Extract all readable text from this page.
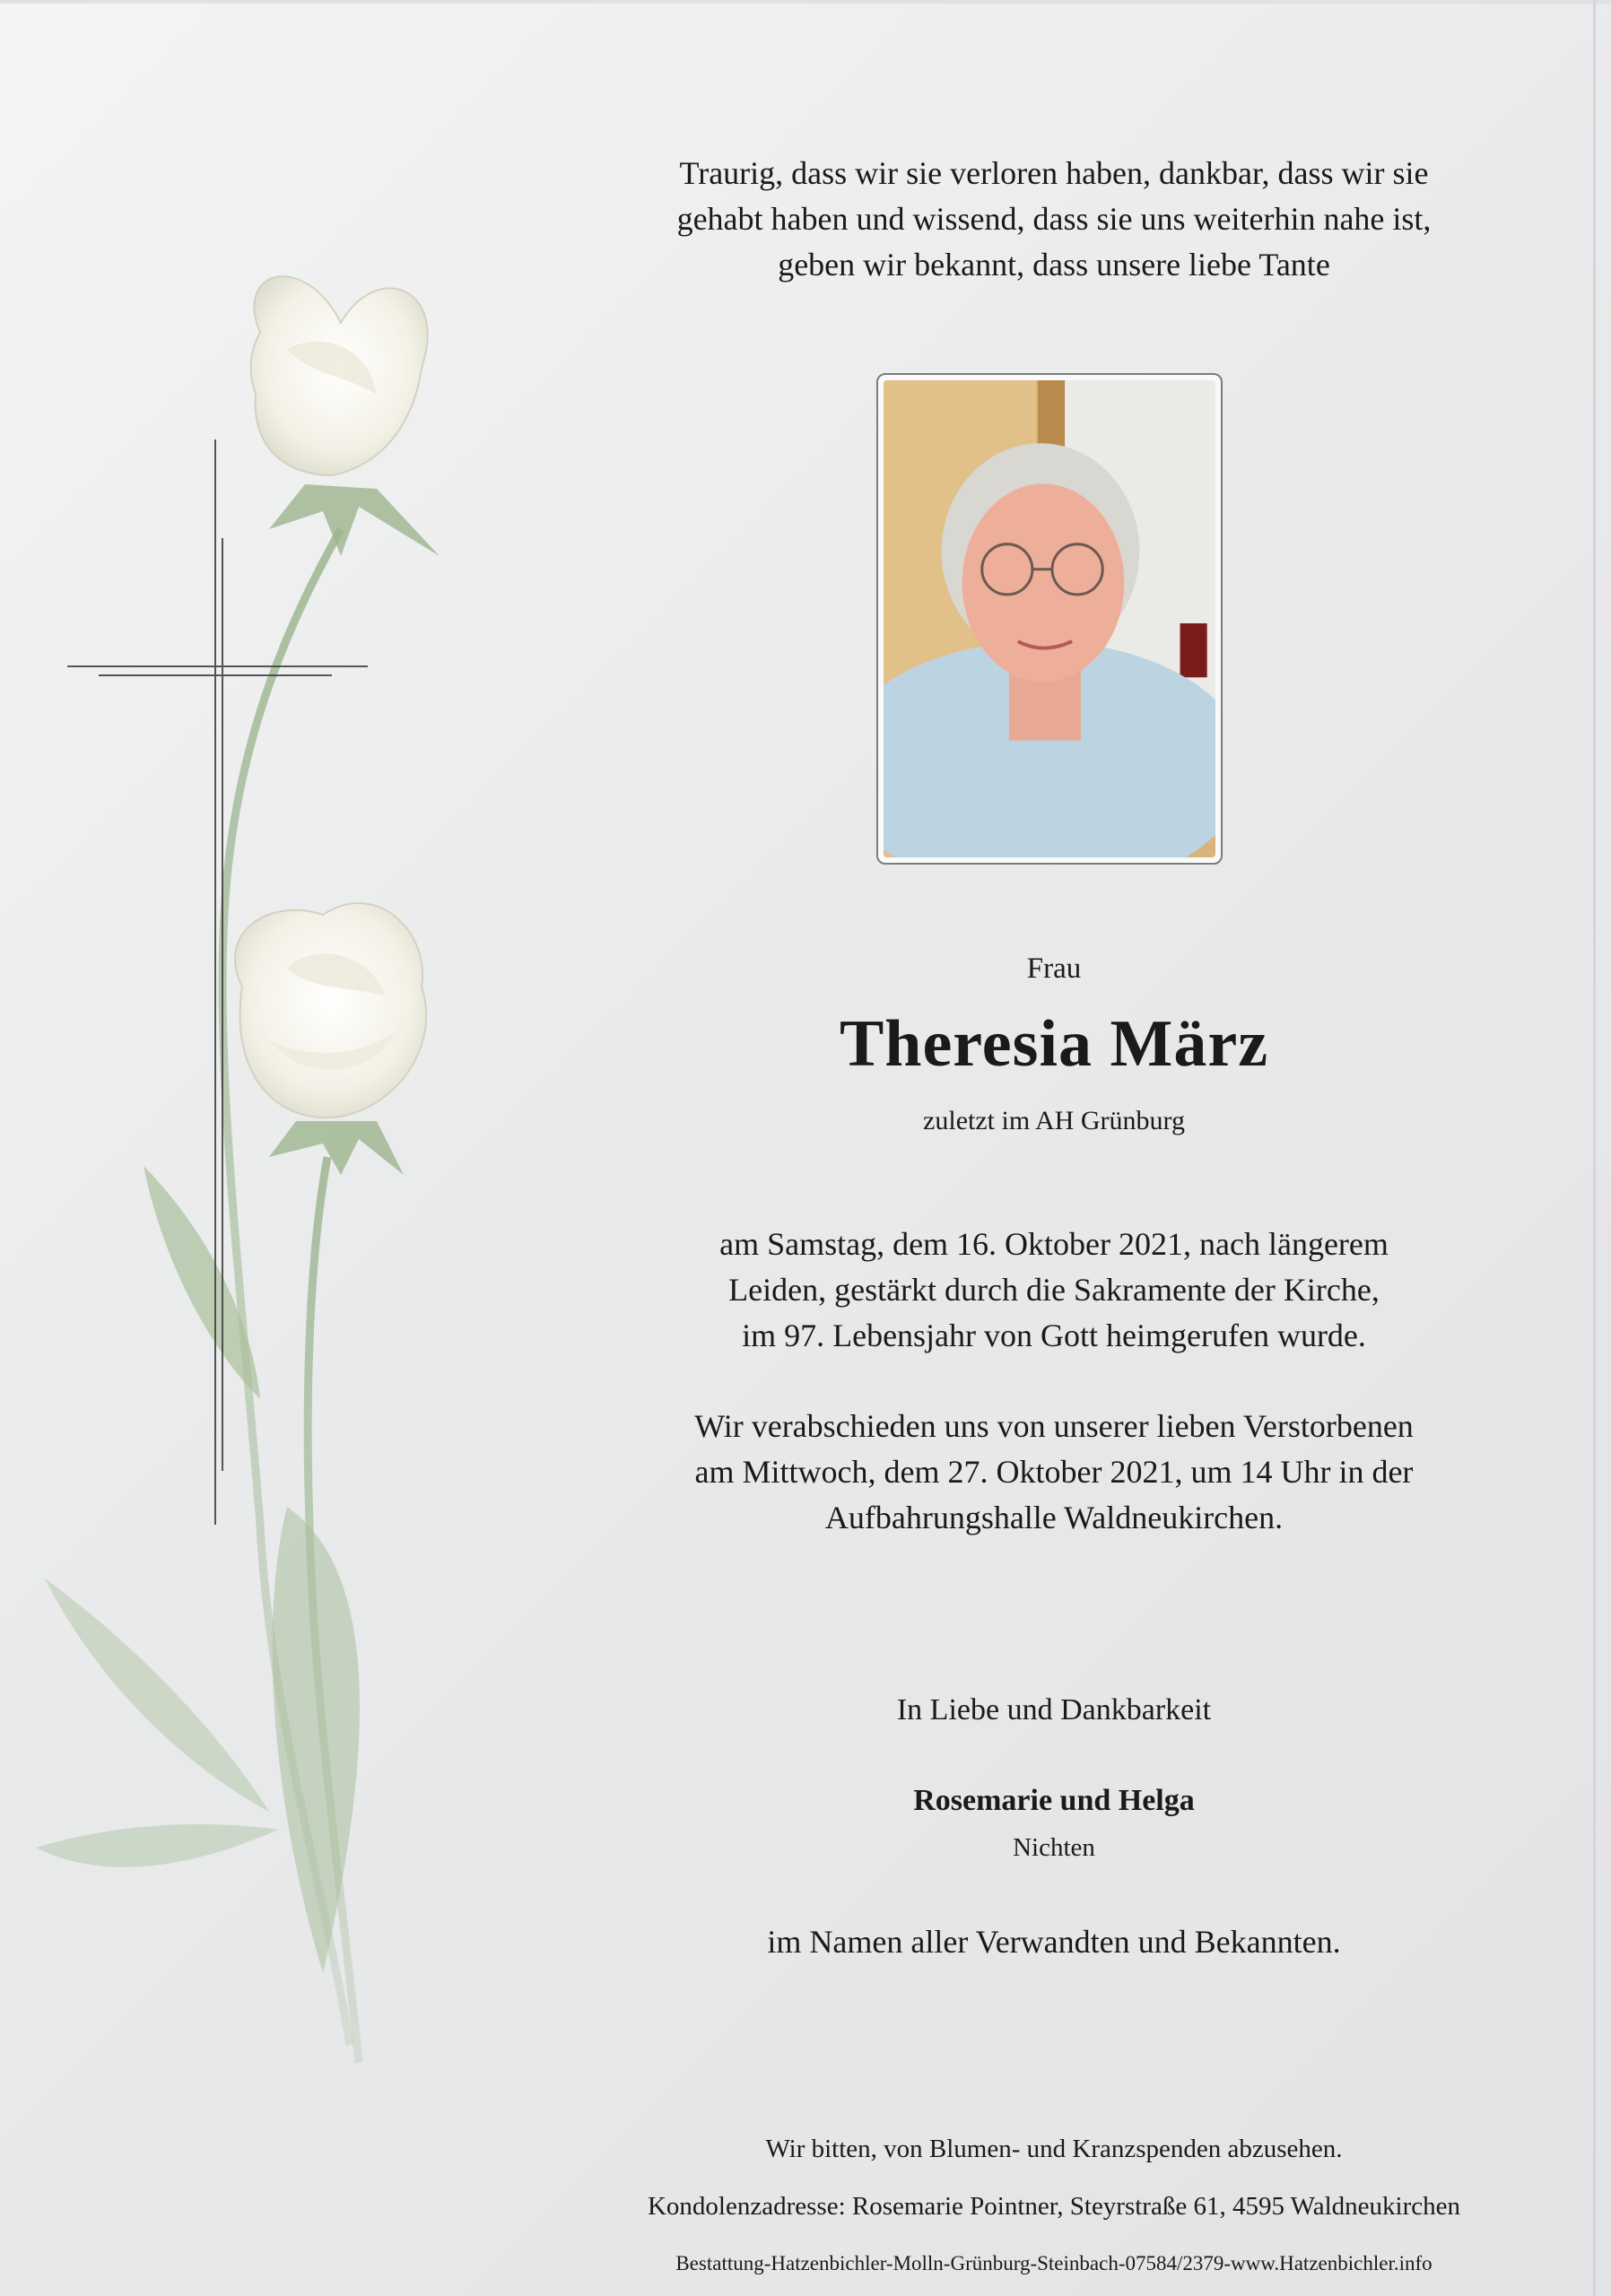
Traurig, dass wir sie verloren haben, dankbar, dass wir sie
gehabt haben und wissend, dass sie uns weiterhin nahe ist,
geben wir bekannt, dass unsere liebe Tante
Frau
Theresia März
zuletzt im AH Grünburg
am Samstag, dem 16. Oktober 2021, nach längerem
Leiden, gestärkt durch die Sakramente der Kirche,
im 97. Lebensjahr von Gott heimgerufen wurde.
Wir verabschieden uns von unserer lieben Verstorbenen
am Mittwoch, dem 27. Oktober 2021, um 14 Uhr in der
Aufbahrungshalle Waldneukirchen.
In Liebe und Dankbarkeit
Rosemarie und Helga
Nichten
im Namen aller Verwandten und Bekannten.
Wir bitten, von Blumen- und Kranzspenden abzusehen.
Kondolenzadresse: Rosemarie Pointner, Steyrstraße 61, 4595 Waldneukirchen
Bestattung-Hatzenbichler-Molln-Grünburg-Steinbach-07584/2379-www.Hatzenbichler.info
